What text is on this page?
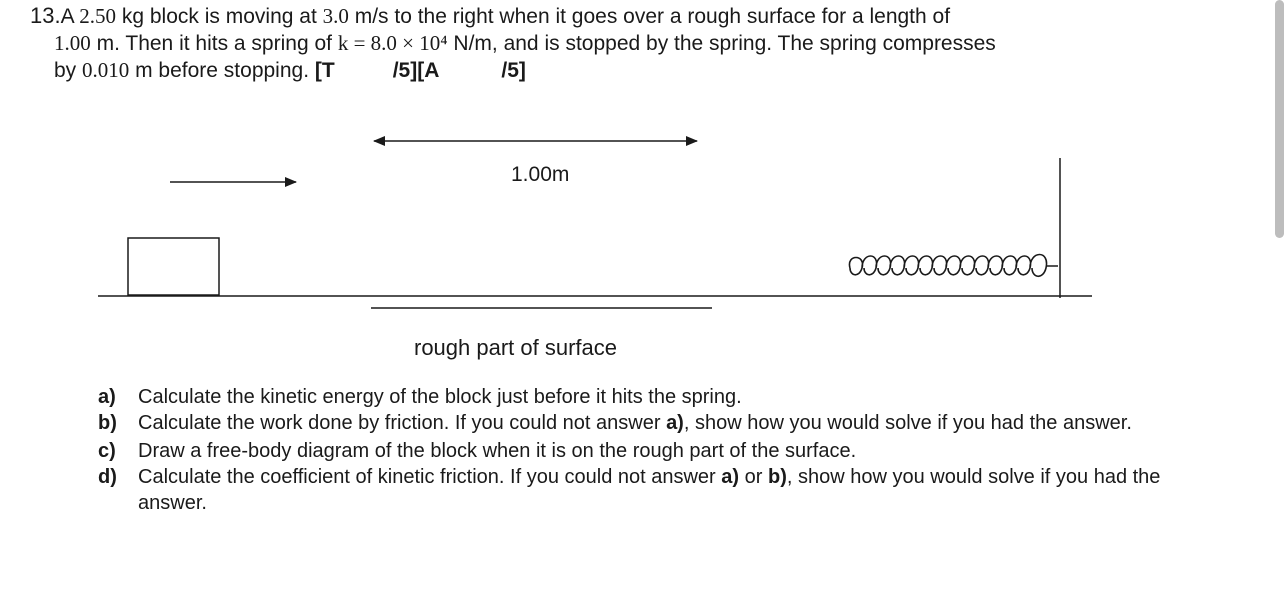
13.A 2.50 kg block is moving at 3.0 m/s to the right when it goes over a rough surface for a length of
1.00 m. Then it hits a spring of k = 8.0 × 10⁴ N/m, and is stopped by the spring. The spring compresses
by 0.010 m before stopping. [T	/5][A	/5]
1.00m
rough part of surface
a)	Calculate the kinetic energy of the block just before it hits the spring.
b)	Calculate the work done by friction. If you could not answer a), show how you would solve if you had the answer.
c)	Draw a free-body diagram of the block when it is on the rough part of the surface.
d)	Calculate the coefficient of kinetic friction. If you could not answer a) or b), show how you would solve if you had the answer.
